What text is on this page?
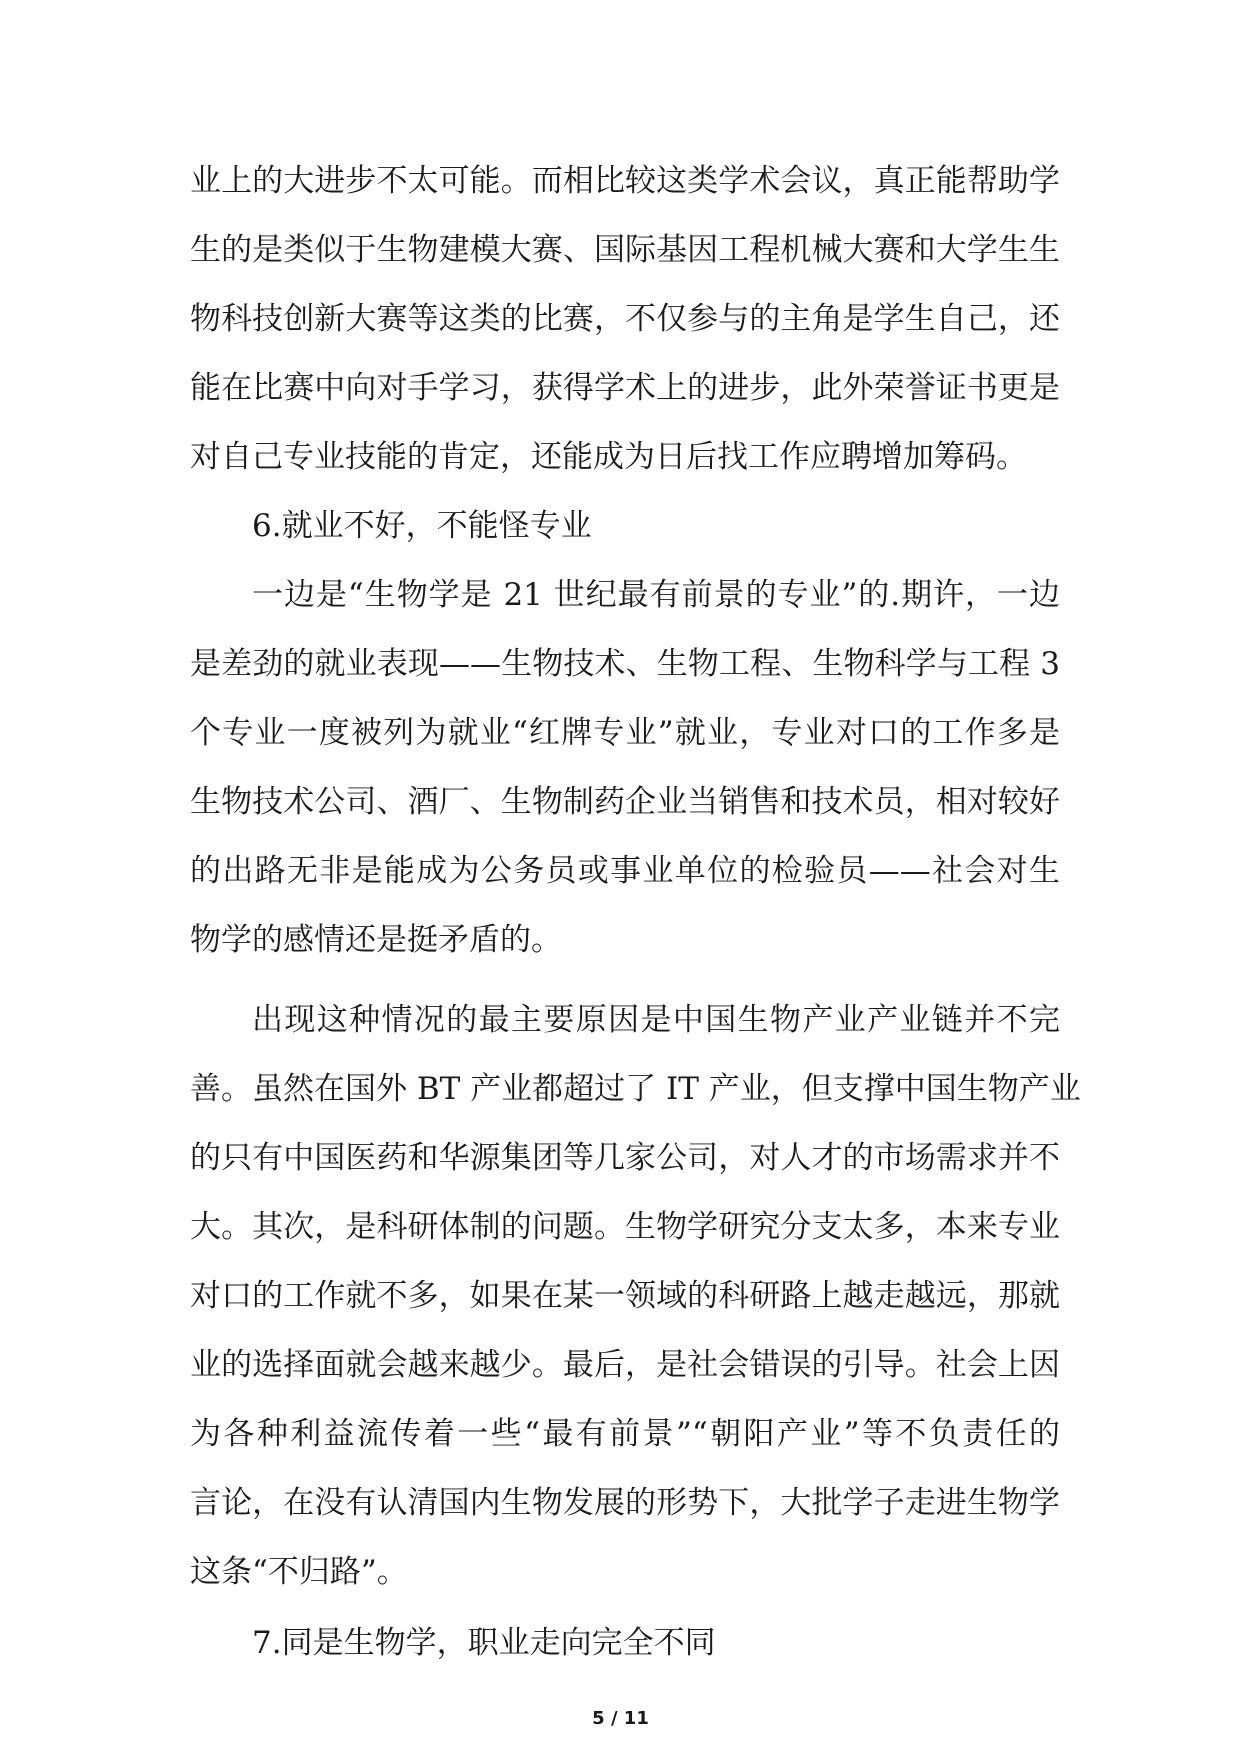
业上的大进步不太可能。而相比较这类学术会议，真正能帮助学
生的是类似于生物建模大赛、国际基因工程机械大赛和大学生生
物科技创新大赛等这类的比赛，不仅参与的主角是学生自己，还
能在比赛中向对手学习，获得学术上的进步，此外荣誉证书更是
对自己专业技能的肯定，还能成为日后找工作应聘增加筹码。
6.就业不好，不能怪专业
一边是“生物学是 21 世纪最有前景的专业”的.期许，一边
是差劲的就业表现——生物技术、生物工程、生物科学与工程 3
个专业一度被列为就业“红牌专业”就业，专业对口的工作多是
生物技术公司、酒厂、生物制药企业当销售和技术员，相对较好
的出路无非是能成为公务员或事业单位的检验员——社会对生
物学的感情还是挺矛盾的。
出现这种情况的最主要原因是中国生物产业产业链并不完
善。虽然在国外 BT 产业都超过了 IT 产业，但支撑中国生物产业
的只有中国医药和华源集团等几家公司，对人才的市场需求并不
大。其次，是科研体制的问题。生物学研究分支太多，本来专业
对口的工作就不多，如果在某一领域的科研路上越走越远，那就
业的选择面就会越来越少。最后，是社会错误的引导。社会上因
为各种利益流传着一些“最有前景”“朝阳产业”等不负责任的
言论，在没有认清国内生物发展的形势下，大批学子走进生物学
这条“不归路”。
7.同是生物学，职业走向完全不同
5 / 11
